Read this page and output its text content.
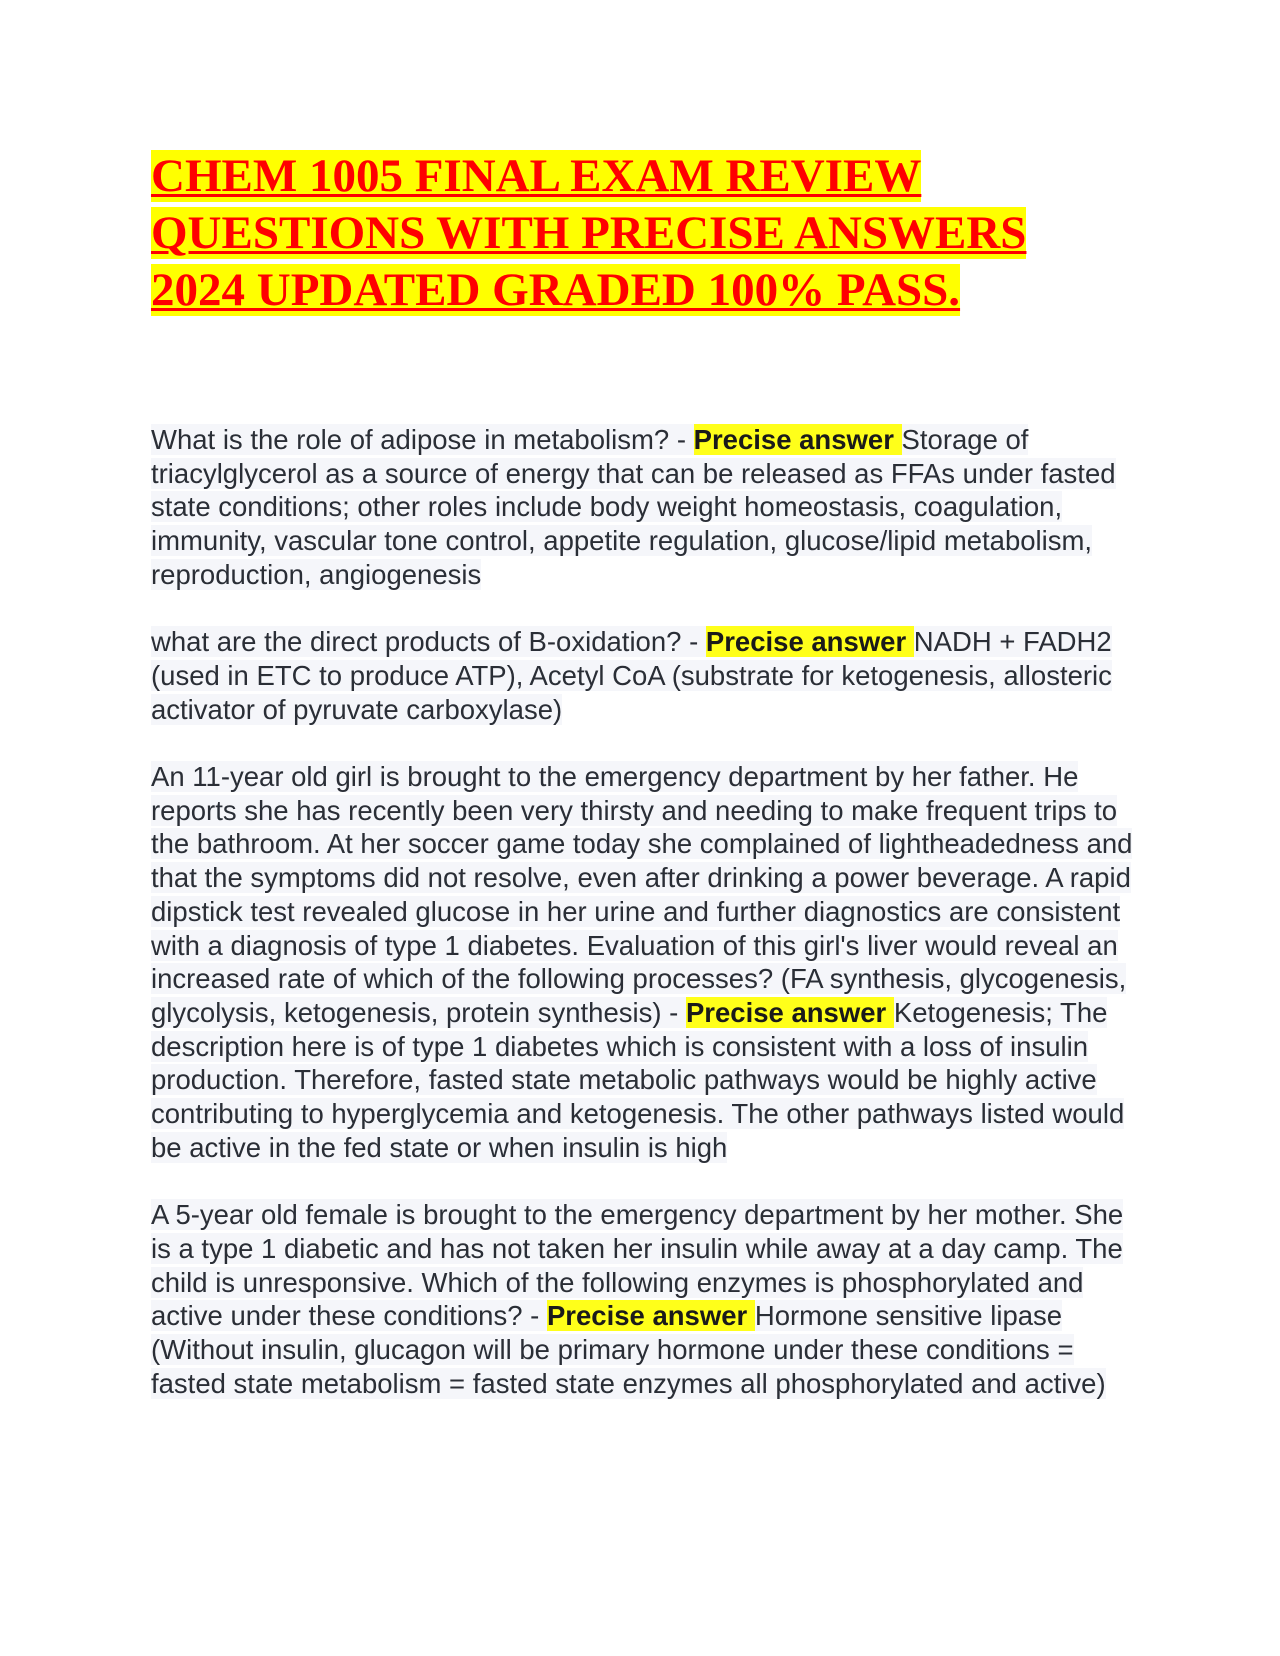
CHEM 1005 FINAL EXAM REVIEW
QUESTIONS WITH PRECISE ANSWERS
2024 UPDATED GRADED 100% PASS.

What is the role of adipose in metabolism? - Precise answer Storage of triacylglycerol as a source of energy that can be released as FFAs under fasted state conditions; other roles include body weight homeostasis, coagulation, immunity, vascular tone control, appetite regulation, glucose/lipid metabolism, reproduction, angiogenesis

what are the direct products of B-oxidation? - Precise answer NADH + FADH2 (used in ETC to produce ATP), Acetyl CoA (substrate for ketogenesis, allosteric activator of pyruvate carboxylase)

An 11-year old girl is brought to the emergency department by her father. He reports she has recently been very thirsty and needing to make frequent trips to the bathroom. At her soccer game today she complained of lightheadedness and that the symptoms did not resolve, even after drinking a power beverage. A rapid dipstick test revealed glucose in her urine and further diagnostics are consistent with a diagnosis of type 1 diabetes. Evaluation of this girl's liver would reveal an increased rate of which of the following processes? (FA synthesis, glycogenesis, glycolysis, ketogenesis, protein synthesis) - Precise answer Ketogenesis; The description here is of type 1 diabetes which is consistent with a loss of insulin production. Therefore, fasted state metabolic pathways would be highly active contributing to hyperglycemia and ketogenesis. The other pathways listed would be active in the fed state or when insulin is high

A 5-year old female is brought to the emergency department by her mother. She is a type 1 diabetic and has not taken her insulin while away at a day camp. The child is unresponsive. Which of the following enzymes is phosphorylated and active under these conditions? - Precise answer Hormone sensitive lipase (Without insulin, glucagon will be primary hormone under these conditions = fasted state metabolism = fasted state enzymes all phosphorylated and active)
